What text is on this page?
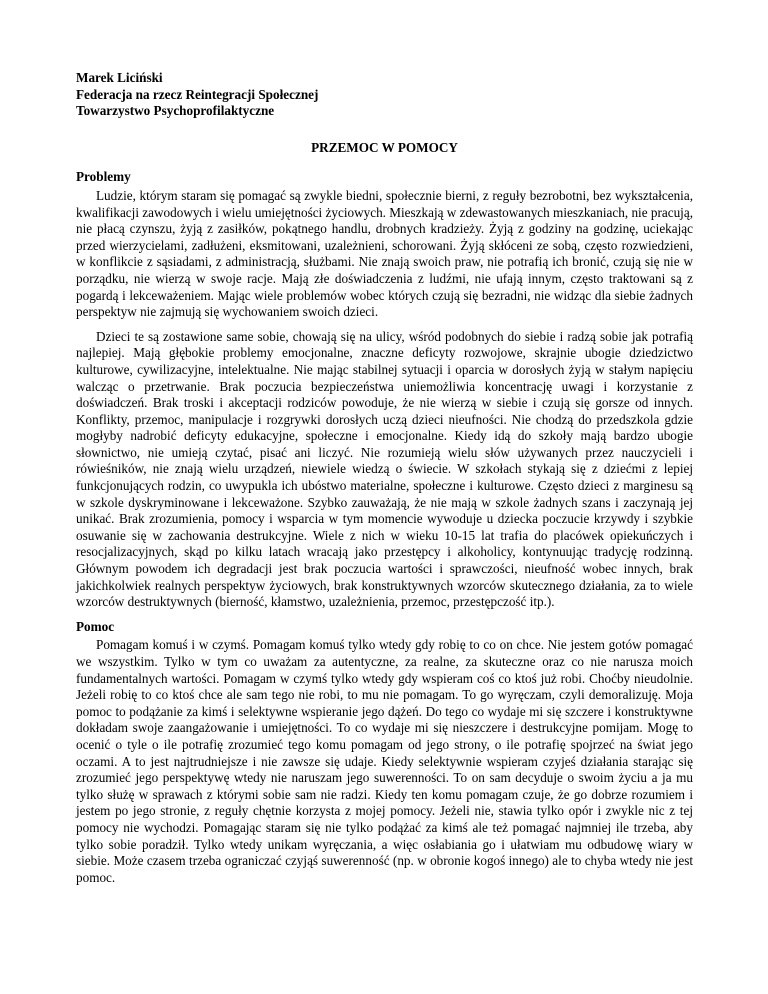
Marek Liciński
Federacja na rzecz Reintegracji Społecznej
Towarzystwo Psychoprofilaktyczne
PRZEMOC W POMOCY
Problemy

Ludzie, którym staram się pomagać są zwykle biedni, społecznie bierni, z reguły bezrobotni, bez wykształcenia, kwalifikacji zawodowych i wielu umiejętności życiowych. Mieszkają w zdewastowanych mieszkaniach, nie pracują, nie płacą czynszu, żyją z zasiłków, pokątnego handlu, drobnych kradzieży. Żyją z godziny na godzinę, uciekając przed wierzycielami, zadłużeni, eksmitowani, uzależnieni, schorowani. Żyją skłóceni ze sobą, często rozwiedzieni, w konflikcie z sąsiadami, z administracją, służbami. Nie znają swoich praw, nie potrafią ich bronić, czują się nie w porządku, nie wierzą w swoje racje. Mają złe doświadczenia z ludźmi, nie ufają innym, często traktowani są z pogardą i lekceważeniem. Mając wiele problemów wobec których czują się bezradni, nie widząc dla siebie żadnych perspektyw nie zajmują się wychowaniem swoich dzieci.

Dzieci te są zostawione same sobie, chowają się na ulicy, wśród podobnych do siebie i radzą sobie jak potrafią najlepiej. Mają głębokie problemy emocjonalne, znaczne deficyty rozwojowe, skrajnie ubogie dziedzictwo kulturowe, cywilizacyjne, intelektualne. Nie mając stabilnej sytuacji i oparcia w dorosłych żyją w stałym napięciu walcząc o przetrwanie. Brak poczucia bezpieczeństwa uniemożliwia koncentrację uwagi i korzystanie z doświadczeń. Brak troski i akceptacji rodziców powoduje, że nie wierzą w siebie i czują się gorsze od innych. Konflikty, przemoc, manipulacje i rozgrywki dorosłych uczą dzieci nieufności. Nie chodzą do przedszkola gdzie mogłyby nadrobić deficyty edukacyjne, społeczne i emocjonalne. Kiedy idą do szkoły mają bardzo ubogie słownictwo, nie umieją czytać, pisać ani liczyć. Nie rozumieją wielu słów używanych przez nauczycieli i rówieśników, nie znają wielu urządzeń, niewiele wiedzą o świecie. W szkołach stykają się z dziećmi z lepiej funkcjonujących rodzin, co uwypukla ich ubóstwo materialne, społeczne i kulturowe. Często dzieci z marginesu są w szkole dyskryminowane i lekceważone. Szybko zauważają, że nie mają w szkole żadnych szans i zaczynają jej unikać. Brak zrozumienia, pomocy i wsparcia w tym momencie wywoduje u dziecka poczucie krzywdy i szybkie osuwanie się w zachowania destrukcyjne. Wiele z nich w wieku 10-15 lat trafia do placówek opiekuńczych i resocjalizacyjnych, skąd po kilku latach wracają jako przestępcy i alkoholicy, kontynuując tradycję rodzinną. Głównym powodem ich degradacji jest brak poczucia wartości i sprawczości, nieufność wobec innych, brak jakichkolwiek realnych perspektyw życiowych, brak konstruktywnych wzorców skutecznego działania, za to wiele wzorców destruktywnych (bierność, kłamstwo, uzależnienia, przemoc, przestępczość itp.).

Pomoc

Pomagam komuś i w czymś. Pomagam komuś tylko wtedy gdy robię to co on chce. Nie jestem gotów pomagać we wszystkim. Tylko w tym co uważam za autentyczne, za realne, za skuteczne oraz co nie narusza moich fundamentalnych wartości. Pomagam w czymś tylko wtedy gdy wspieram coś co ktoś już robi. Choćby nieudolnie. Jeżeli robię to co ktoś chce ale sam tego nie robi, to mu nie pomagam. To go wyręczam, czyli demoralizuję. Moja pomoc to podążanie za kimś i selektywne wspieranie jego dążeń. Do tego co wydaje mi się szczere i konstruktywne dokładam swoje zaangażowanie i umiejętności. To co wydaje mi się nieszczere i destrukcyjne pomijam. Mogę to ocenić o tyle o ile potrafię zrozumieć tego komu pomagam od jego strony, o ile potrafię spojrzeć na świat jego oczami. A to jest najtrudniejsze i nie zawsze się udaje. Kiedy selektywnie wspieram czyjeś działania starając się zrozumieć jego perspektywę wtedy nie naruszam jego suwerenności. To on sam decyduje o swoim życiu a ja mu tylko służę w sprawach z którymi sobie sam nie radzi. Kiedy ten komu pomagam czuje, że go dobrze rozumiem i jestem po jego stronie, z reguły chętnie korzysta z mojej pomocy. Jeżeli nie, stawia tylko opór i zwykle nic z tej pomocy nie wychodzi. Pomagając staram się nie tylko podążać za kimś ale też pomagać najmniej ile trzeba, aby tylko sobie poradził. Tylko wtedy unikam wyręczania, a więc osłabiania go i ułatwiam mu odbudowę wiary w siebie. Może czasem trzeba ograniczać czyjąś suwerenność (np. w obronie kogoś innego) ale to chyba wtedy nie jest pomoc.
